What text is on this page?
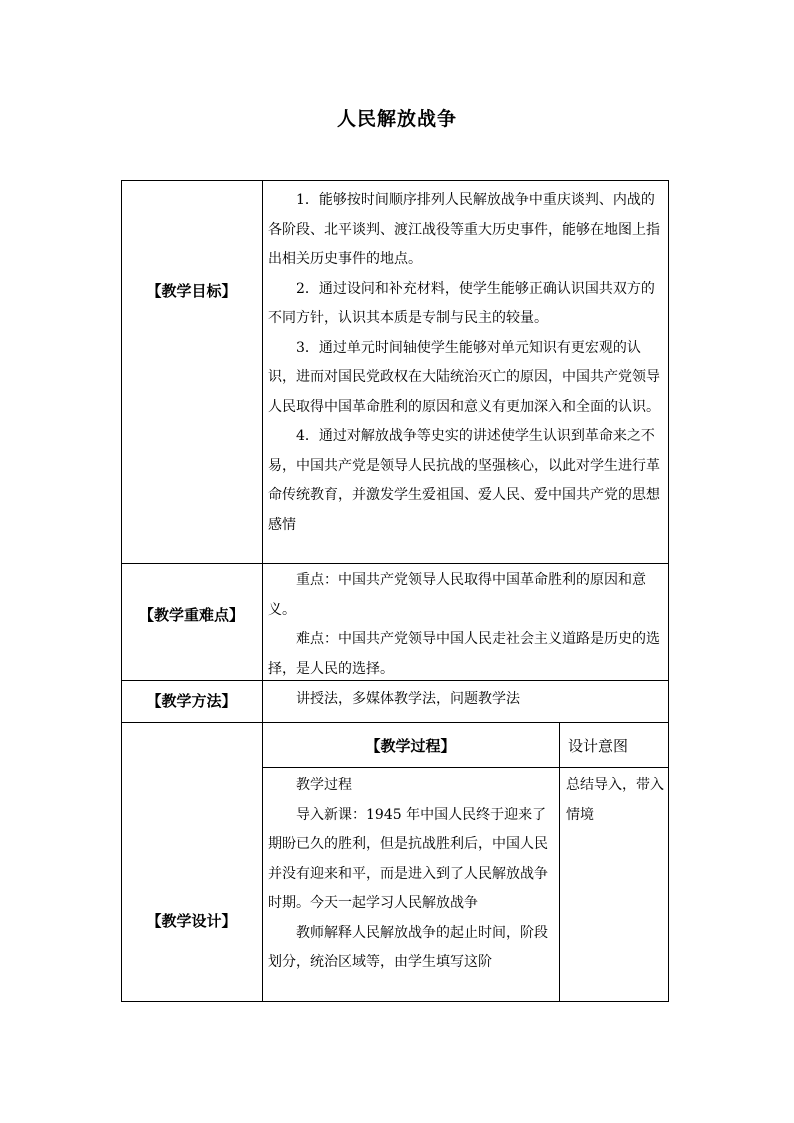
人民解放战争
【教学目标】

1．能够按时间顺序排列人民解放战争中重庆谈判、内战的各阶段、北平谈判、渡江战役等重大历史事件，能够在地图上指出相关历史事件的地点。

2．通过设问和补充材料，使学生能够正确认识国共双方的不同方针，认识其本质是专制与民主的较量。

3．通过单元时间轴使学生能够对单元知识有更宏观的认识，进而对国民党政权在大陆统治灭亡的原因，中国共产党领导人民取得中国革命胜利的原因和意义有更加深入和全面的认识。

4．通过对解放战争等史实的讲述使学生认识到革命来之不易，中国共产党是领导人民抗战的坚强核心，以此对学生进行革命传统教育，并激发学生爱祖国、爱人民、爱中国共产党的思想感情

【教学重难点】

重点：中国共产党领导人民取得中国革命胜利的原因和意义。

难点：中国共产党领导中国人民走社会主义道路是历史的选择，是人民的选择。

【教学方法】	讲授法，多媒体教学法，问题教学法

【教学设计】
【教学过程】	设计意图

教学过程

导入新课：1945 年中国人民终于迎来了期盼已久的胜利，但是抗战胜利后，中国人民并没有迎来和平，而是进入到了人民解放战争时期。今天一起学习人民解放战争

教师解释人民解放战争的起止时间，阶段划分，统治区域等，由学生填写这阶

总结导入，带入情境
